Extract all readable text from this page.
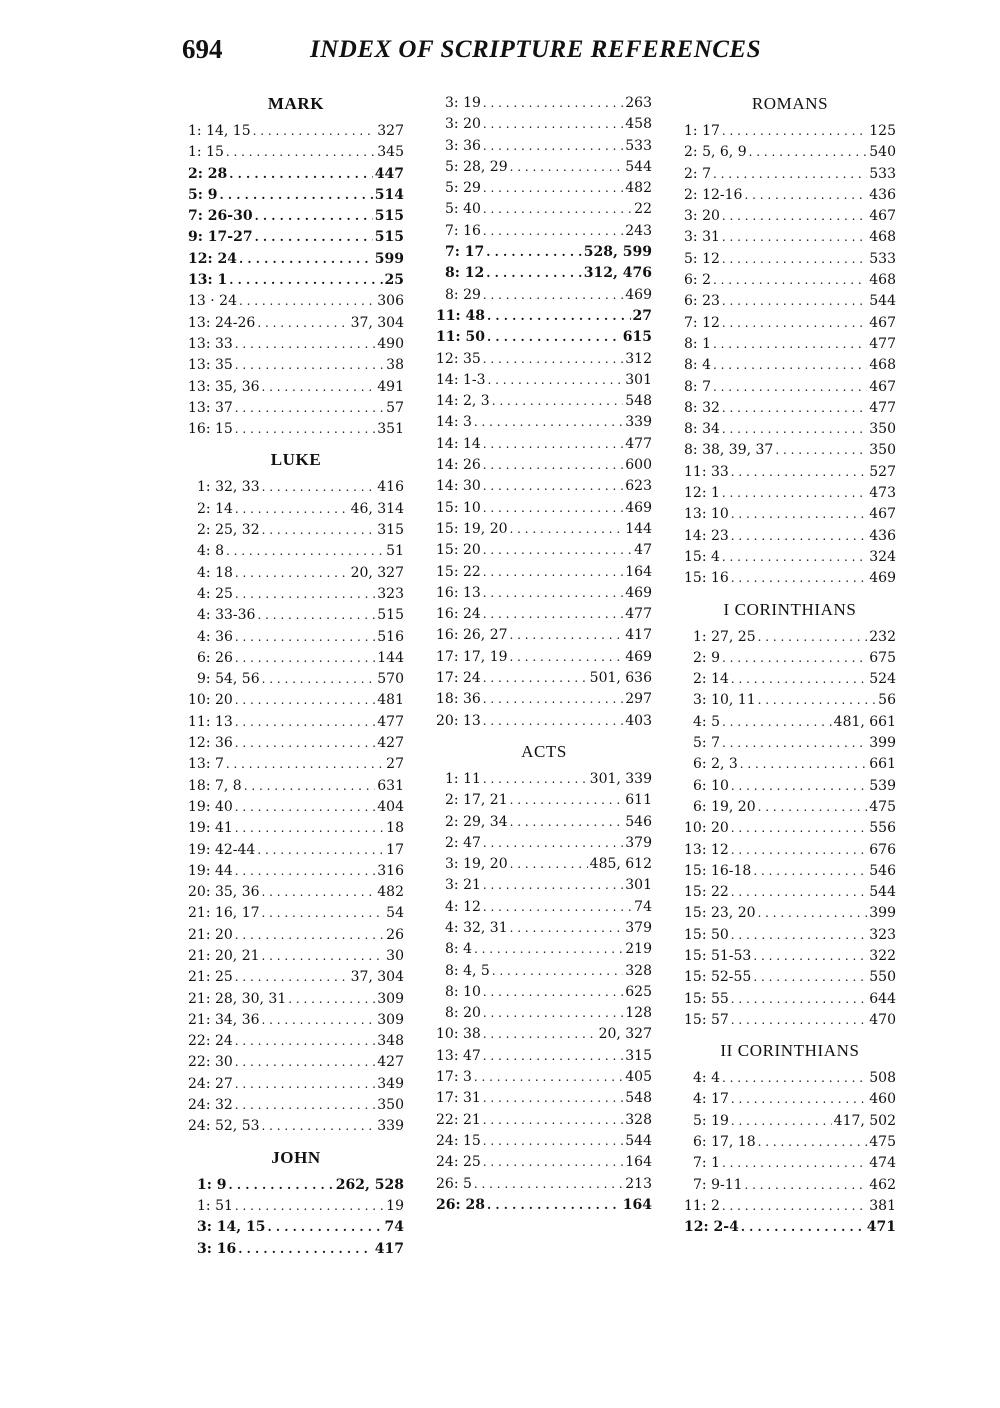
694	INDEX OF SCRIPTURE REFERENCES
MARK
1: 14, 15 . . .	327
1: 15 . . .	345
2: 28 . . .	447
5: 9 . . .	514
7: 26-30 . . .	515
9: 17-27 . . .	515
12: 24 . . .	599
13: 1 . . .	25
13 · 24 . . .	306
13: 24-26 . . .	37, 304
13: 33 . . .	490
13: 35 . . .	38
13: 35, 36 . . .	491
13: 37 . . .	57
16: 15 . . .	351
LUKE
1: 32, 33 . . .	416
2: 14 . . .	46, 314
2: 25, 32 . . .	315
4: 8 . . .	51
4: 18 . . .	20, 327
4: 25 . . .	323
4: 33-36 . . .	515
4: 36 . . .	516
6: 26 . . .	144
9: 54, 56 . . .	570
10: 20 . . .	481
11: 13 . . .	477
12: 36 . . .	427
13: 7 . . .	27
18: 7, 8 . . .	631
19: 40 . . .	404
19: 41 . . .	18
19: 42-44 . . .	17
19: 44 . . .	316
20: 35, 36 . . .	482
21: 16, 17 . . .	54
21: 20 . . .	26
21: 20, 21 . . .	30
21: 25 . . .	37, 304
21: 28, 30, 31 . . .	309
21: 34, 36 . . .	309
22: 24 . . .	348
22: 30 . . .	427
24: 27 . . .	349
24: 32 . . .	350
24: 52, 53 . . .	339
JOHN
1: 9 . . .	262, 528
1: 51 . . .	19
3: 14, 15 . . .	74
3: 16 . . .	417
3: 19 . . .	263
3: 20 . . .	458
3: 36 . . .	533
5: 28, 29 . . .	544
5: 29 . . .	482
5: 40 . . .	22
7: 16 . . .	243
7: 17 . . .	528, 599
8: 12 . . .	312, 476
8: 29 . . .	469
11: 48 . . .	27
11: 50 . . .	615
12: 35 . . .	312
14: 1-3 . . .	301
14: 2, 3 . . .	548
14: 3 . . .	339
14: 14 . . .	477
14: 26 . . .	600
14: 30 . . .	623
15: 10 . . .	469
15: 19, 20 . . .	144
15: 20 . . .	47
15: 22 . . .	164
16: 13 . . .	469
16: 24 . . .	477
16: 26, 27 . . .	417
17: 17, 19 . . .	469
17: 24 . . .	501, 636
18: 36 . . .	297
20: 13 . . .	403
ACTS
1: 11 . . .	301, 339
2: 17, 21 . . .	611
2: 29, 34 . . .	546
2: 47 . . .	379
3: 19, 20 . . .	485, 612
3: 21 . . .	301
4: 12 . . .	74
4: 32, 31 . . .	379
8: 4 . . .	219
8: 4, 5 . . .	328
8: 10 . . .	625
8: 20 . . .	128
10: 38 . . .	20, 327
13: 47 . . .	315
17: 3 . . .	405
17: 31 . . .	548
22: 21 . . .	328
24: 15 . . .	544
24: 25 . . .	164
26: 5 . . .	213
26: 28 . . .	164
ROMANS
1: 17 . . .	125
2: 5, 6, 9 . . .	540
2: 7 . . .	533
2: 12-16 . . .	436
3: 20 . . .	467
3: 31 . . .	468
5: 12 . . .	533
6: 2 . . .	468
6: 23 . . .	544
7: 12 . . .	467
8: 1 . . .	477
8: 4 . . .	468
8: 7 . . .	467
8: 32 . . .	477
8: 34 . . .	350
8: 38, 39, 37 . . .	350
11: 33 . . .	527
12: 1 . . .	473
13: 10 . . .	467
14: 23 . . .	436
15: 4 . . .	324
15: 16 . . .	469
I CORINTHIANS
1: 27, 25 . . .	232
2: 9 . . .	675
2: 14 . . .	524
3: 10, 11 . . .	56
4: 5 . . .	481, 661
5: 7 . . .	399
6: 2, 3 . . .	661
6: 10 . . .	539
6: 19, 20 . . .	475
10: 20 . . .	556
13: 12 . . .	676
15: 16-18 . . .	546
15: 22 . . .	544
15: 23, 20 . . .	399
15: 50 . . .	323
15: 51-53 . . .	322
15: 52-55 . . .	550
15: 55 . . .	644
15: 57 . . .	470
II CORINTHIANS
4: 4 . . .	508
4: 17 . . .	460
5: 19 . . .	417, 502
6: 17, 18 . . .	475
7: 1 . . .	474
7: 9-11 . . .	462
11: 2 . . .	381
12: 2-4 . . .	471
